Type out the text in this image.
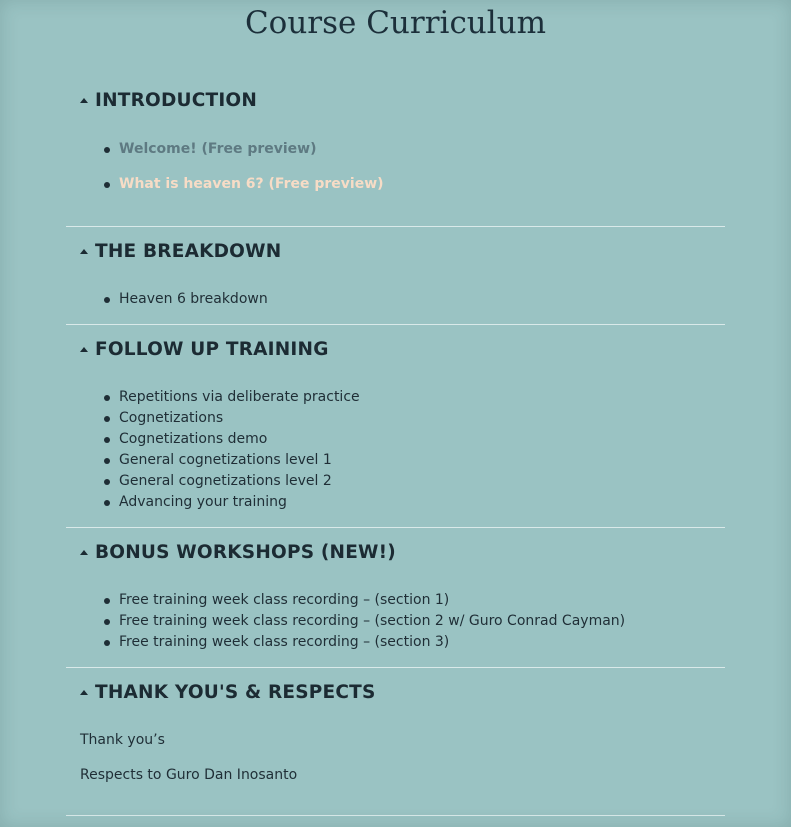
Course Curriculum
INTRODUCTION
Welcome! (Free preview)
What is heaven 6? (Free preview)
THE BREAKDOWN
Heaven 6 breakdown
FOLLOW UP TRAINING
Repetitions via deliberate practice
Cognetizations
Cognetizations demo
General cognetizations level 1
General cognetizations level 2
Advancing your training
BONUS WORKSHOPS (NEW!)
Free training week class recording – (section 1)
Free training week class recording – (section 2 w/ Guro Conrad Cayman)
Free training week class recording – (section 3)
THANK YOU'S & RESPECTS
Thank you’s
Respects to Guro Dan Inosanto
